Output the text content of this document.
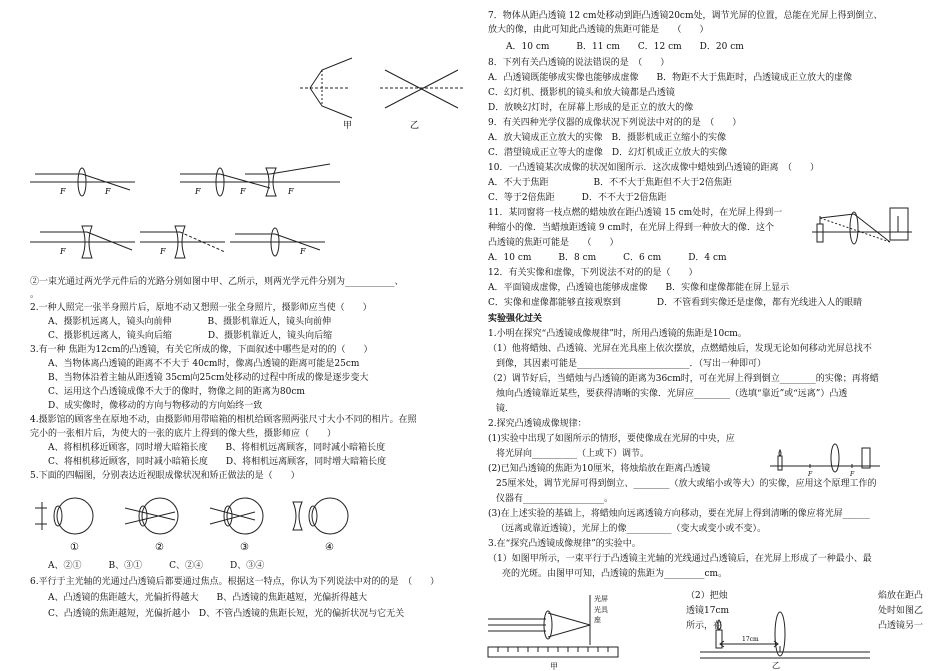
甲	乙
F	F	F	F	F
F	F	F
①	②	③	④
②一束光通过两光学元件后的光路分别如图中甲、乙所示，则两光学元件分别为___________、
。
2.一种人照完一张半身照片后，原地不动又想照一张全身照片，摄影师应当使（　　）
A、摄影机远离人，镜头向前伸　　　　B、摄影机靠近人，镜头向前伸
C、摄影机远离人，镜头向后缩　　　　D、摄影机靠近人，镜头向后缩
3.有一种 焦距为12cm的凸透镜，有关它所成的像，下面叙述中哪些是对的的（　　）
A、当物体离凸透镜的距离不不大于 40cm时，像离凸透镜的距离可能是25cm
B、当物体沿着主轴从距透镜 35cm向25cm处移动的过程中所成的像是逐步变大
C、运用这个凸透镜成像不大于的像时，物像之间的距离为80cm
D、成实像时，像移动的方向与物移动的方向始终一致
4.摄影馆的顾客坐在原地不动，由摄影师用带暗箱的相机给顾客照两张尺寸大小不同的相片。在照
完小的一张相片后，为使大的一张的底片上得到的像大些，摄影师应（　　）
A、将相机移近顾客，同时增大暗箱长度　　B、将相机远离顾客，同时减小暗箱长度
C、将相机移近顾客，同时减小暗箱长度　　D、将相机远离顾客，同时增大暗箱长度
5.下面的四幅图，分别表达近视眼成像状况和矫正做法的是（　　）
A、②①　　　B、③①　　　C、②④　　　D、③④
6.平行于主光轴的光通过凸透镜后都要通过焦点。根据这一特点，你认为下列说法中对的的是　（　　）
A、凸透镜的焦距越大，光偏折得越大　　B、凸透镜的焦距越短，光偏折得越大
C、凸透镜的焦距越短，光偏折越小　D、不管凸透镜的焦距长短，光的偏折状况与它无关
7．物体从距凸透镜 12 cm处移动到距凸透镜20cm处，调节光屏的位置，总能在光屏上得到倒立、
放大的像，由此可知此凸透镜的焦距可能是　　（　　）
A．10 cm　　　B．11 cm　　C．12 cm　　D．20 cm
8．下列有关凸透镜的说法错误的是　（　　）
A．凸透镜既能够成实像也能够成虚像　　B．物距不大于焦距时，凸透镜成正立放大的虚像
C．幻灯机、摄影机的镜头和放大镜都是凸透镜
D．放映幻灯时，在屏幕上形成的是正立的放大的像
9．有关四种光学仪器的成像状况下列说法中对的的是　（　　）
A．放大镜成正立放大的实像　B．摄影机成正立缩小的实像
C．潜望镜成正立等大的虚像　D．幻灯机成正立放大的实像
10．一凸透镜某次成像的状况如图所示．这次成像中蜡烛到凸透镜的距离　（　　）
A．不大于焦距　　　　　B．不不大于焦距但不大于2倍焦距
C．等于2倍焦距　　　D．不不大于2倍焦距
11．某同窗将一枝点燃的蜡烛放在距凸透镜 15 cm处时，在光屏上得到一
种缩小的像．当蜡烛距透镜 9 cm时，在光屏上得到一种放大的像．这个
凸透镜的焦距可能是　　（　　）
A．10 cm　　　B．8 cm　　　C．6 cm　　　D．4 cm
12．有关实像和虚像，下列说法不对的的是（　　）
A．平面镜成虚像，凸透镜也能够成虚像　　B．实像和虚像都能在屏上显示
C．实像和虚像都能够直接观察到　　　　D．不管看到实像还是虚像，都有光线进入人的眼睛
实验强化过关
1.小明在探究“凸透镜成像规律”时，所用凸透镜的焦距是10cm。
（1）他将蜡烛、凸透镜、光屏在光具座上依次摆放，点燃蜡烛后，发现无论如何移动光屏总找不
到像，其因素可能是_________________________．（写出一种即可）
（2）调节好后，当蜡烛与凸透镜的距离为36cm时，可在光屏上得到倒立________的实像；再将蜡
烛向凸透镜靠近某些，要获得清晰的实像．光屏应________（选填“靠近”或“远离”）凸透
镜．
2.探究凸透镜成像规律：
(1)实验中出现了如图所示的情形，要使像成在光屏的中央，应
将光屏向__________（上或下）调节。
(2)已知凸透镜的焦距为10厘米，将烛焰放在距离凸透镜
25厘米处，调节光屏可得到倒立、________（放大或缩小或等大）的实像，应用这个原理工作的
仪器有__________________。
(3)在上述实验的基础上，将蜡烛向远离透镜方向移动，要在光屏上得到清晰的像应将光屏______
（远离或靠近透镜），光屏上的像__________（变大或变小或不变）。
3.在“探究凸透镜成像规律”的实验中。
（1）如图甲所示，一束平行于凸透镜主光轴的光线通过凸透镜后，在光屏上形成了一种最小、最
亮的光斑。由图甲可知，凸透镜的焦距为_________cm。
（2）把烛	焰放在距凸
透镜17cm	处时如图乙
所示，在	凸透镜另一
F	F
光屏
光具
座
甲
17cm
乙
